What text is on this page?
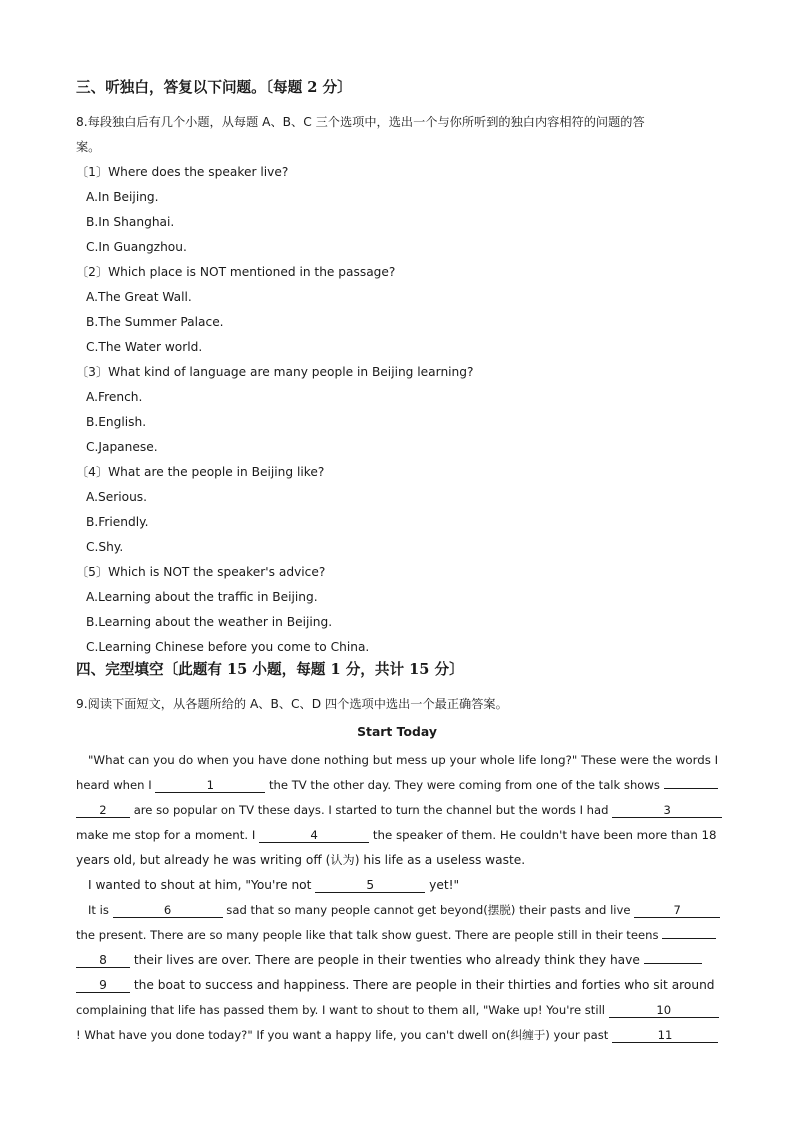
三、听独白，答复以下问题。〔每题 2 分〕
8.每段独白后有几个小题，从每题 A、B、C 三个选项中，选出一个与你所听到的独白内容相符的问题的答
案。
〔1〕Where does the speaker live?
A.In Beijing.
B.In Shanghai.
C.In Guangzhou.
〔2〕Which place is NOT mentioned in the passage?
A.The Great Wall.
B.The Summer Palace.
C.The Water world.
〔3〕What kind of language are many people in Beijing learning?
A.French.
B.English.
C.Japanese.
〔4〕What are the people in Beijing like?
A.Serious.
B.Friendly.
C.Shy.
〔5〕Which is NOT the speaker's advice?
A.Learning about the traffic in Beijing.
B.Learning about the weather in Beijing.
C.Learning Chinese before you come to China.
四、完型填空〔此题有 15 小题，每题 1 分，共计 15 分〕
9.阅读下面短文，从各题所给的 A、B、C、D 四个选项中选出一个最正确答案。
Start Today
"What can you do when you have done nothing but mess up your whole life long?" These were the words I
heard when I	1	the TV the other day. They were coming from one of the talk shows
2 are so popular on TV these days. I started to turn the channel but the words I had	3
make me stop for a moment. I	4	the speaker of them. He couldn't have been more than 18
years old, but already he was writing off (认为) his life as a useless waste.
I wanted to shout at him, "You're not	5	yet!"
It is	6	sad that so many people cannot get beyond(摆脱) their pasts and live	7
the present. There are so many people like that talk show guest. There are people still in their teens
8 their lives are over. There are people in their twenties who already think they have
9 the boat to success and happiness. There are people in their thirties and forties who sit around
complaining that life has passed them by. I want to shout to them all, "Wake up! You're still	10
! What have you done today?" If you want a happy life, you can't dwell on(纠缠于) your past	11
